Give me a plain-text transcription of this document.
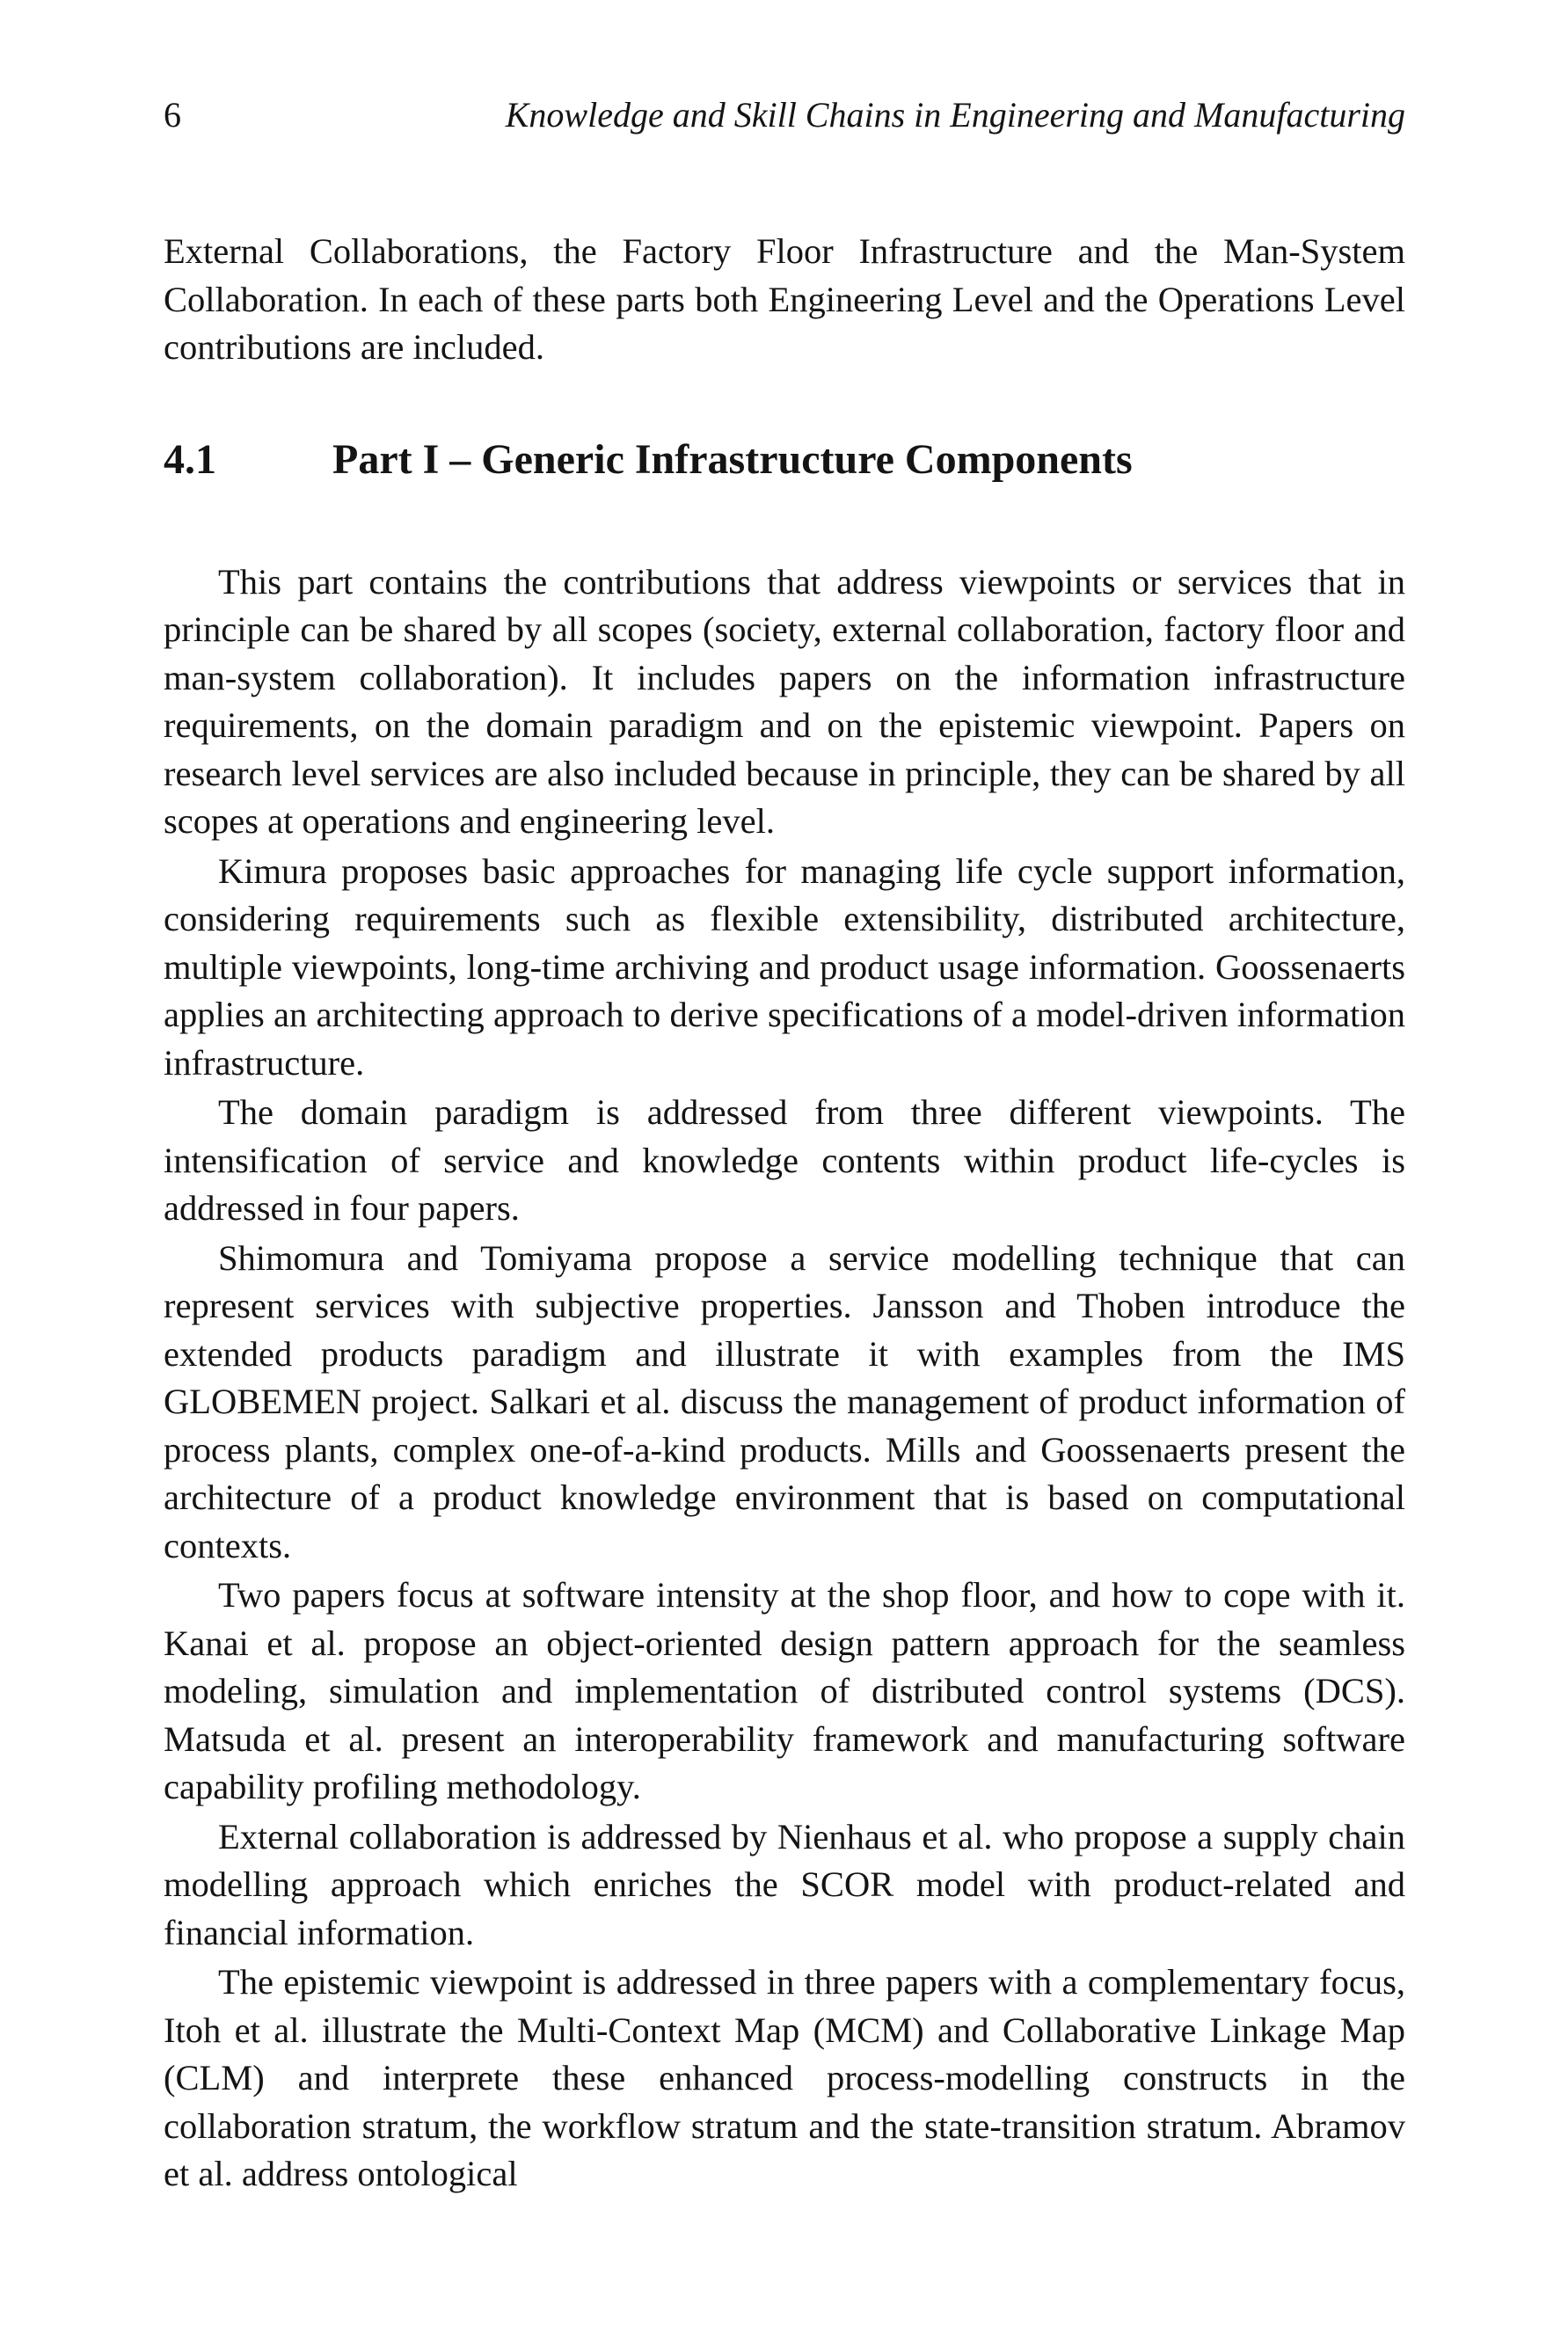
6	Knowledge and Skill Chains in Engineering and Manufacturing

External Collaborations, the Factory Floor Infrastructure and the Man-System Collaboration. In each of these parts both Engineering Level and the Operations Level contributions are included.

4.1	Part I – Generic Infrastructure Components

This part contains the contributions that address viewpoints or services that in principle can be shared by all scopes (society, external collaboration, factory floor and man-system collaboration). It includes papers on the information infrastructure requirements, on the domain paradigm and on the epistemic viewpoint. Papers on research level services are also included because in principle, they can be shared by all scopes at operations and engineering level.

Kimura proposes basic approaches for managing life cycle support information, considering requirements such as flexible extensibility, distributed architecture, multiple viewpoints, long-time archiving and product usage information. Goossenaerts applies an architecting approach to derive specifications of a model-driven information infrastructure.

The domain paradigm is addressed from three different viewpoints. The intensification of service and knowledge contents within product life-cycles is addressed in four papers.

Shimomura and Tomiyama propose a service modelling technique that can represent services with subjective properties. Jansson and Thoben introduce the extended products paradigm and illustrate it with examples from the IMS GLOBEMEN project. Salkari et al. discuss the management of product information of process plants, complex one-of-a-kind products. Mills and Goossenaerts present the architecture of a product knowledge environment that is based on computational contexts.

Two papers focus at software intensity at the shop floor, and how to cope with it. Kanai et al. propose an object-oriented design pattern approach for the seamless modeling, simulation and implementation of distributed control systems (DCS). Matsuda et al. present an interoperability framework and manufacturing software capability profiling methodology.

External collaboration is addressed by Nienhaus et al. who propose a supply chain modelling approach which enriches the SCOR model with product-related and financial information.

The epistemic viewpoint is addressed in three papers with a complementary focus, Itoh et al. illustrate the Multi-Context Map (MCM) and Collaborative Linkage Map (CLM) and interprete these enhanced process-modelling constructs in the collaboration stratum, the workflow stratum and the state-transition stratum. Abramov et al. address ontological
